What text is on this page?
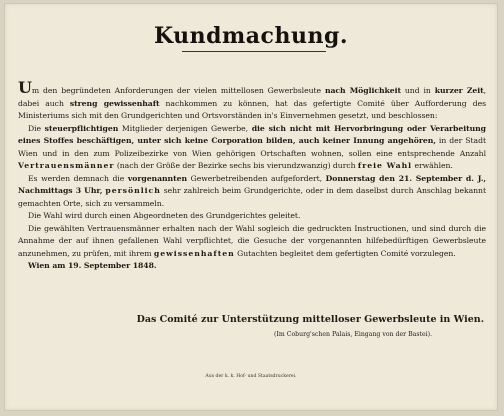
Kundmachung.

Um den begründeten Anforderungen der vielen mittellosen Gewerbsleute nach Möglichkeit und in kurzer Zeit, dabei auch streng gewissenhaft nachkommen zu können, hat das gefertigte Comité über Aufforderung des Ministeriums sich mit den Grundgerichten und Ortsvorständen in's Einvernehmen gesetzt, und beschlossen:

Die steuerpflichtigen Mitglieder derjenigen Gewerbe, die sich nicht mit Hervorbringung oder Verarbeitung eines Stoffes beschäftigen, unter sich keine Corporation bilden, auch keiner Innung angehören, in der Stadt Wien und in den zum Polizeibezirke von Wien gehörigen Ortschaften wohnen, sollen eine entsprechende Anzahl Vertrauensmänner (nach der Größe der Bezirke sechs bis vierundzwanzig) durch freie Wahl erwählen.

Es werden demnach die vorgenannten Gewerbetreibenden aufgefordert, Donnerstag den 21. September d. J., Nachmittags 3 Uhr, persönlich sehr zahlreich beim Grundgerichte, oder in dem daselbst durch Anschlag bekannt gemachten Orte, sich zu versammeln.

Die Wahl wird durch einen Abgeordneten des Grundgerichtes geleitet.

Die gewählten Vertrauensmänner erhalten nach der Wahl sogleich die gedruckten Instructionen, und sind durch die Annahme der auf ihnen gefallenen Wahl verpflichtet, die Gesuche der vorgenannten hilfebedürftigen Gewerbsleute anzunehmen, zu prüfen, mit ihrem gewissenhaften Gutachten begleitet dem gefertigten Comité vorzulegen.

Wien am 19. September 1848.

Das Comité zur Unterstützung mittelloser Gewerbsleute in Wien.
(Im Coburg'schen Palais, Eingang von der Bastei).
Aus der k. k. Hof- und Staatsdruckerei.
